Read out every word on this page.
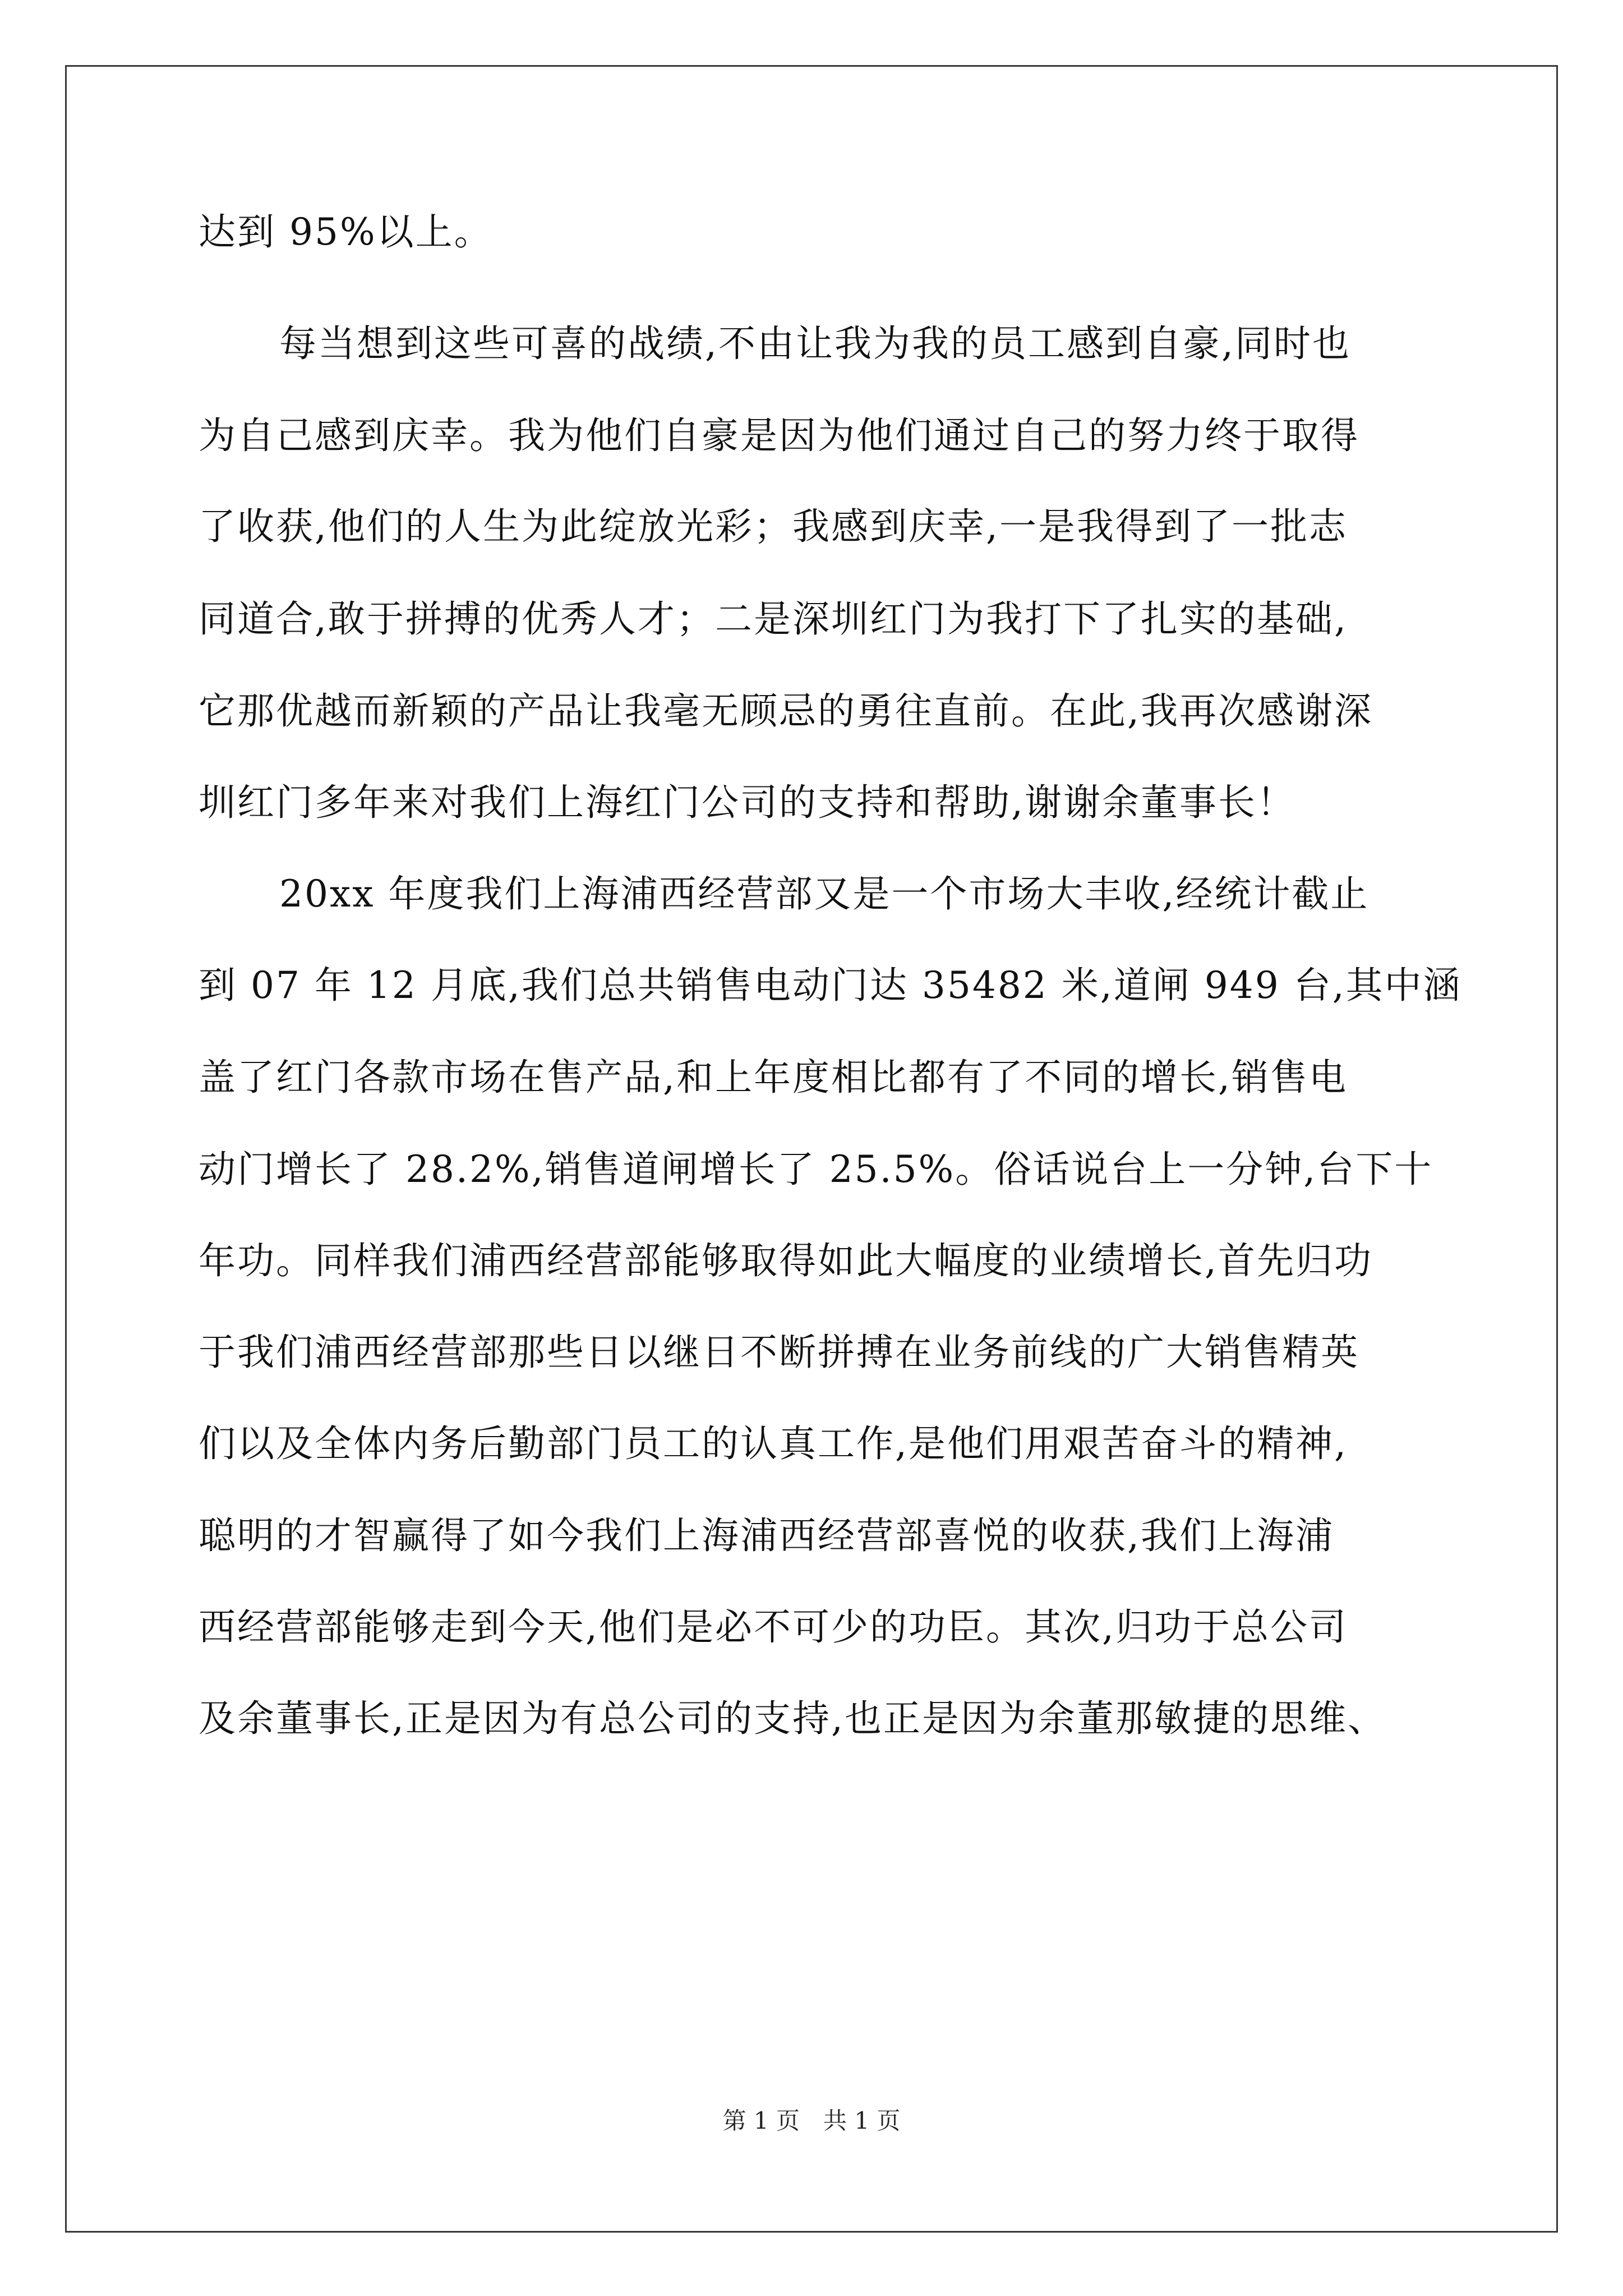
达到 95%以上。
每当想到这些可喜的战绩,不由让我为我的员工感到自豪,同时也
为自己感到庆幸。我为他们自豪是因为他们通过自己的努力终于取得
了收获,他们的人生为此绽放光彩；我感到庆幸,一是我得到了一批志
同道合,敢于拼搏的优秀人才；二是深圳红门为我打下了扎实的基础,
它那优越而新颖的产品让我毫无顾忌的勇往直前。在此,我再次感谢深
圳红门多年来对我们上海红门公司的支持和帮助,谢谢余董事长！
20xx 年度我们上海浦西经营部又是一个市场大丰收,经统计截止
到 07 年 12 月底,我们总共销售电动门达 35482 米,道闸 949 台,其中涵
盖了红门各款市场在售产品,和上年度相比都有了不同的增长,销售电
动门增长了 28.2%,销售道闸增长了 25.5%。俗话说台上一分钟,台下十
年功。同样我们浦西经营部能够取得如此大幅度的业绩增长,首先归功
于我们浦西经营部那些日以继日不断拼搏在业务前线的广大销售精英
们以及全体内务后勤部门员工的认真工作,是他们用艰苦奋斗的精神,
聪明的才智赢得了如今我们上海浦西经营部喜悦的收获,我们上海浦
西经营部能够走到今天,他们是必不可少的功臣。其次,归功于总公司
及余董事长,正是因为有总公司的支持,也正是因为余董那敏捷的思维、
第 1 页　共 1 页
